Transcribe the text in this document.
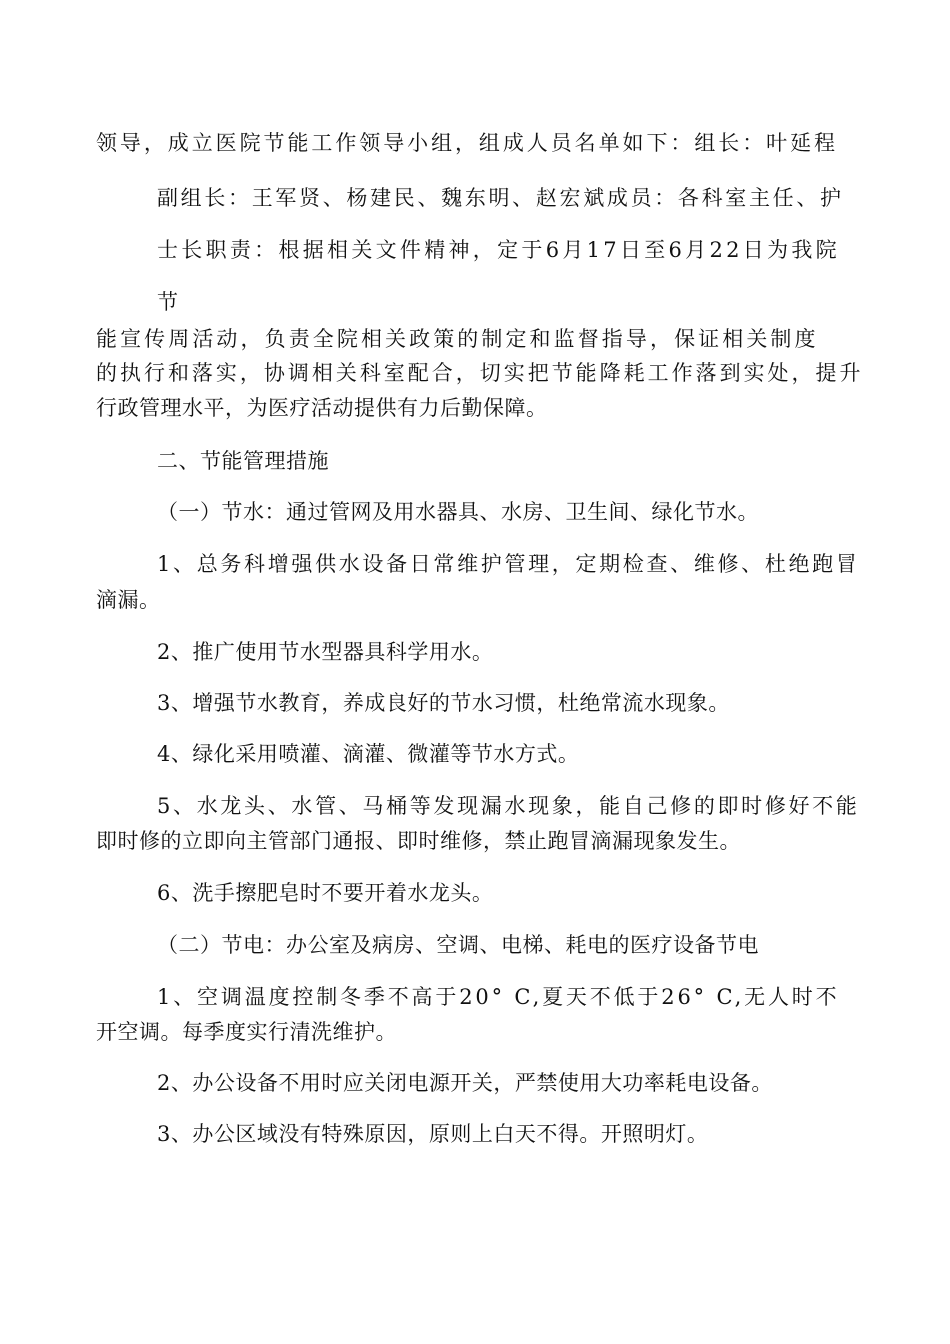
领导，成立医院节能工作领导小组，组成人员名单如下：组长：叶延程
副组长：王军贤、杨建民、魏东明、赵宏斌成员：各科室主任、护
士长职责：根据相关文件精神，定于6月17日至6月22日为我院
节
能宣传周活动，负责全院相关政策的制定和监督指导，保证相关制度
的执行和落实，协调相关科室配合，切实把节能降耗工作落到实处，提升
行政管理水平，为医疗活动提供有力后勤保障。
二、节能管理措施
（一）节水：通过管网及用水器具、水房、卫生间、绿化节水。
1、总务科增强供水设备日常维护管理，定期检查、维修、杜绝跑冒
滴漏。
2、推广使用节水型器具科学用水。
3、增强节水教育，养成良好的节水习惯，杜绝常流水现象。
4、绿化采用喷灌、滴灌、微灌等节水方式。
5、水龙头、水管、马桶等发现漏水现象，能自己修的即时修好不能
即时修的立即向主管部门通报、即时维修，禁止跑冒滴漏现象发生。
6、洗手擦肥皂时不要开着水龙头。
（二）节电：办公室及病房、空调、电梯、耗电的医疗设备节电
1、空调温度控制冬季不高于20° C,夏天不低于26° C,无人时不
开空调。每季度实行清洗维护。
2、办公设备不用时应关闭电源开关，严禁使用大功率耗电设备。
3、办公区域没有特殊原因，原则上白天不得。开照明灯。
